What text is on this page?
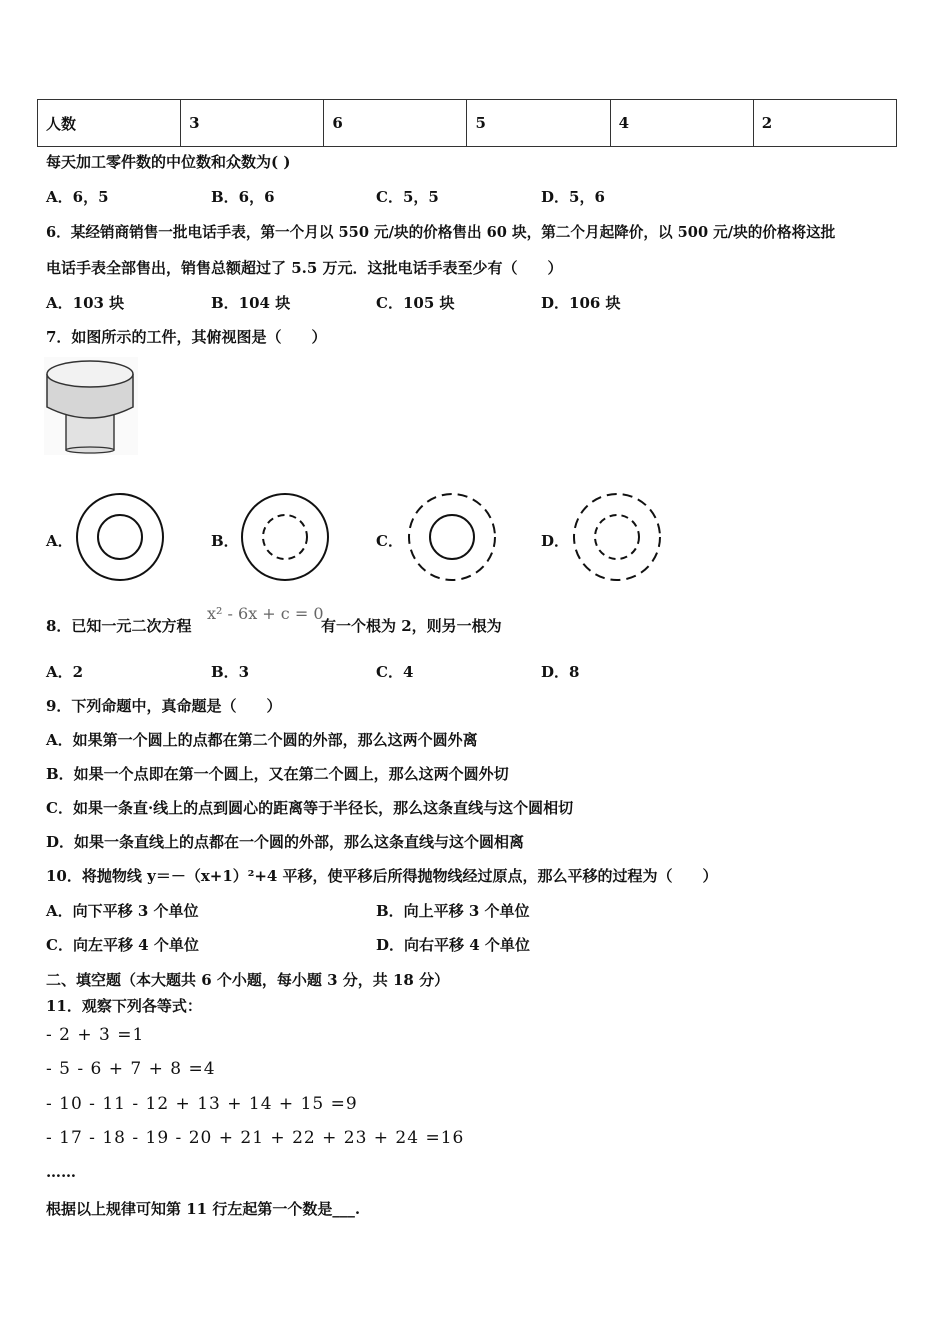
人数	3	6	5	4	2
每天加工零件数的中位数和众数为( )
A．6，5	B．6，6	C．5，5	D．5，6
6．某经销商销售一批电话手表，第一个月以 550 元/块的价格售出 60 块，第二个月起降价，以 500 元/块的价格将这批
电话手表全部售出，销售总额超过了 5.5 万元．这批电话手表至少有（　　）
A．103 块	B．104 块	C．105 块	D．106 块
7．如图所示的工件，其俯视图是（　　）
A．	B．	C．	D．
8．已知一元二次方程
x² - 6x + c = 0
有一个根为 2，则另一根为
A．2	B．3	C．4	D．8
9．下列命题中，真命题是（　　）
A．如果第一个圆上的点都在第二个圆的外部，那么这两个圆外离
B．如果一个点即在第一个圆上，又在第二个圆上，那么这两个圆外切
C．如果一条直·线上的点到圆心的距离等于半径长，那么这条直线与这个圆相切
D．如果一条直线上的点都在一个圆的外部，那么这条直线与这个圆相离
10．将抛物线 y＝－（x+1）²+4 平移，使平移后所得抛物线经过原点，那么平移的过程为（　　）
A．向下平移 3 个单位	B．向上平移 3 个单位
C．向左平移 4 个单位	D．向右平移 4 个单位
二、填空题（本大题共 6 个小题，每小题 3 分，共 18 分）
11．观察下列各等式：
- 2 + 3 =1
- 5 - 6 + 7 + 8 =4
- 10 - 11 - 12 + 13 + 14 + 15 =9
- 17 - 18 - 19 - 20 + 21 + 22 + 23 + 24 =16
……
根据以上规律可知第 11 行左起第一个数是___.
